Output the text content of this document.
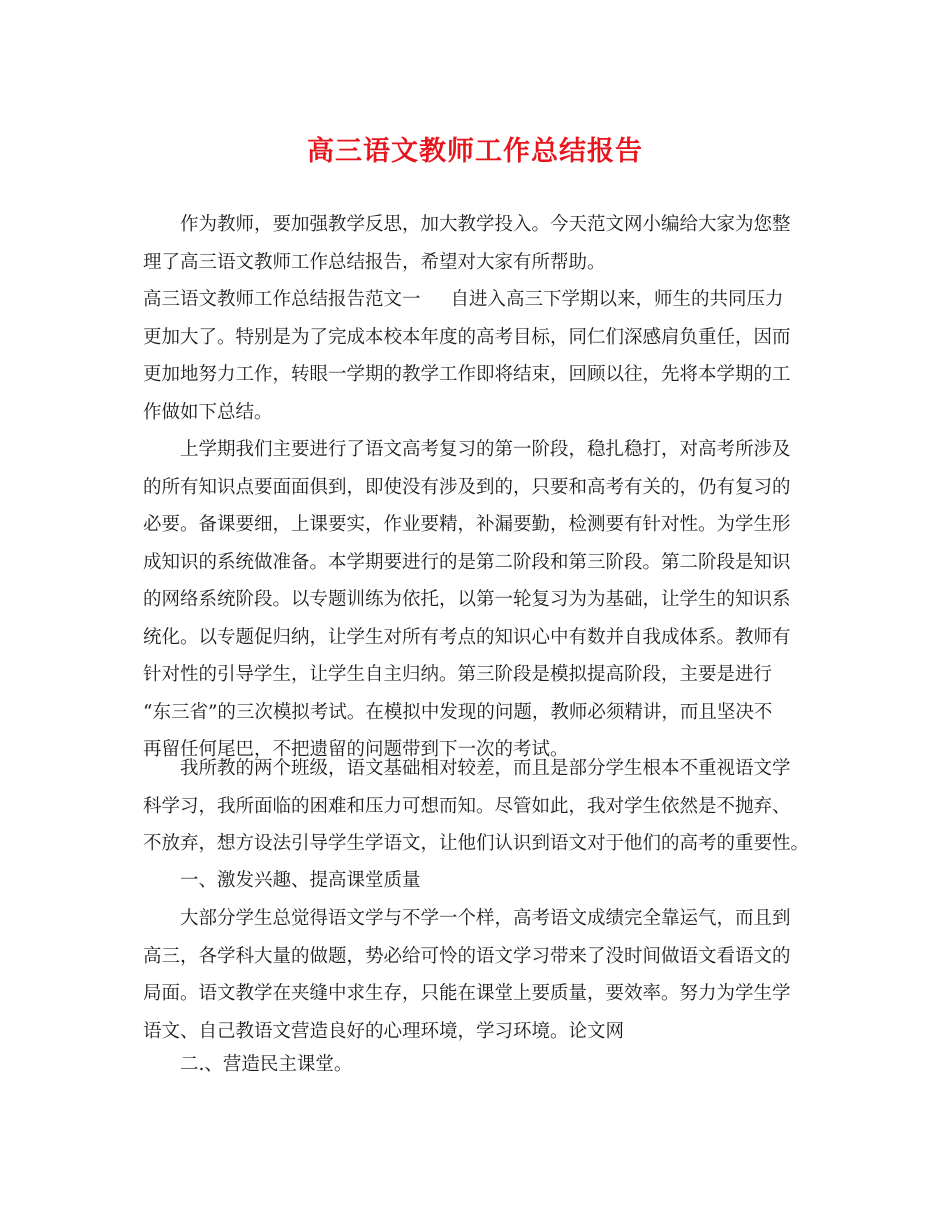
高三语文教师工作总结报告
作为教师，要加强教学反思，加大教学投入。今天范文网小编给大家为您整
理了高三语文教师工作总结报告，希望对大家有所帮助。
高三语文教师工作总结报告范文一 自进入高三下学期以来，师生的共同压力
更加大了。特别是为了完成本校本年度的高考目标，同仁们深感肩负重任，因而
更加地努力工作，转眼一学期的教学工作即将结束，回顾以往，先将本学期的工
作做如下总结。
上学期我们主要进行了语文高考复习的第一阶段，稳扎稳打，对高考所涉及
的所有知识点要面面俱到，即使没有涉及到的，只要和高考有关的，仍有复习的
必要。备课要细，上课要实，作业要精，补漏要勤，检测要有针对性。为学生形
成知识的系统做准备。本学期要进行的是第二阶段和第三阶段。第二阶段是知识
的网络系统阶段。以专题训练为依托，以第一轮复习为为基础，让学生的知识系
统化。以专题促归纳，让学生对所有考点的知识心中有数并自我成体系。教师有
针对性的引导学生，让学生自主归纳。第三阶段是模拟提高阶段，主要是进行
“东三省”的三次模拟考试。在模拟中发现的问题，教师必须精讲，而且坚决不
再留任何尾巴，不把遗留的问题带到下一次的考试。
我所教的两个班级，语文基础相对较差，而且是部分学生根本不重视语文学
科学习，我所面临的困难和压力可想而知。尽管如此，我对学生依然是不抛弃、
不放弃，想方设法引导学生学语文，让他们认识到语文对于他们的高考的重要性。
一、激发兴趣、提高课堂质量
大部分学生总觉得语文学与不学一个样，高考语文成绩完全靠运气，而且到
高三，各学科大量的做题，势必给可怜的语文学习带来了没时间做语文看语文的
局面。语文教学在夹缝中求生存，只能在课堂上要质量，要效率。努力为学生学
语文、自己教语文营造良好的心理环境，学习环境。论文网
二.、营造民主课堂。
